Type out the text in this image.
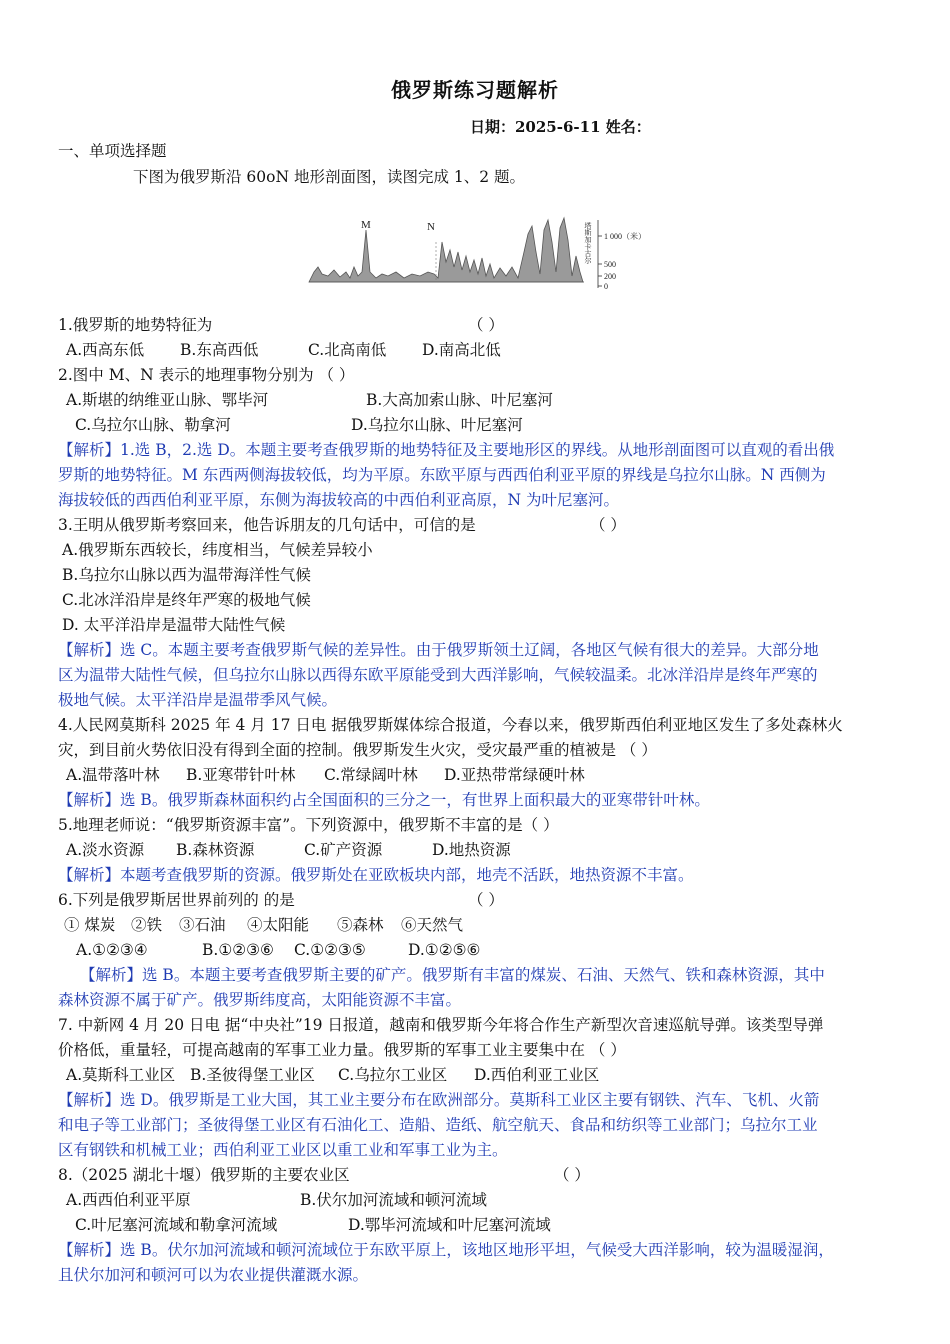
俄罗斯练习题解析
日期：2025-6-11 姓名：
一、单项选择题
下图为俄罗斯沿 60oN 地形剖面图，读图完成 1、2 题。
M	N
1 000（米）
500
200
0
塔斯加卡古尔
1.俄罗斯的地势特征为	（ ）
A.西高东低 B.东高西低	C.北高南低 D.南高北低
2.图中 M、N 表示的地理事物分别为 （ ）
A.斯堪的纳维亚山脉、鄂毕河	B.大高加索山脉、叶尼塞河
C.乌拉尔山脉、勒拿河	D.乌拉尔山脉、叶尼塞河
【解析】1.选 B，2.选 D。本题主要考查俄罗斯的地势特征及主要地形区的界线。从地形剖面图可以直观的看出俄
罗斯的地势特征。M 东西两侧海拔较低，均为平原。东欧平原与西西伯利亚平原的界线是乌拉尔山脉。N 西侧为
海拔较低的西西伯利亚平原，东侧为海拔较高的中西伯利亚高原，N 为叶尼塞河。
3.王明从俄罗斯考察回来，他告诉朋友的几句话中，可信的是	（ ）
A.俄罗斯东西较长，纬度相当，气候差异较小
B.乌拉尔山脉以西为温带海洋性气候
C.北冰洋沿岸是终年严寒的极地气候
D. 太平洋沿岸是温带大陆性气候
【解析】选 C。本题主要考查俄罗斯气候的差异性。由于俄罗斯领土辽阔，各地区气候有很大的差异。大部分地
区为温带大陆性气候，但乌拉尔山脉以西得东欧平原能受到大西洋影响，气候较温柔。北冰洋沿岸是终年严寒的
极地气候。太平洋沿岸是温带季风气候。
4.人民网莫斯科 2025 年 4 月 17 日电 据俄罗斯媒体综合报道，今春以来，俄罗斯西伯利亚地区发生了多处森林火
灾，到目前火势依旧没有得到全面的控制。俄罗斯发生火灾，受灾最严重的植被是 （ ）
A.温带落叶林 B.亚寒带针叶林 C.常绿阔叶林 D.亚热带常绿硬叶林
【解析】选 B。俄罗斯森林面积约占全国面积的三分之一，有世界上面积最大的亚寒带针叶林。
5.地理老师说：“俄罗斯资源丰富”。下列资源中，俄罗斯不丰富的是（ ）
A.淡水资源 B.森林资源	C.矿产资源	D.地热资源
【解析】本题考查俄罗斯的资源。俄罗斯处在亚欧板块内部，地壳不活跃，地热资源不丰富。
6.下列是俄罗斯居世界前列的 的是	（ ）
① 煤炭 ②铁 ③石油 ④太阳能 ⑤森林 ⑥天然气
A.①②③④	B.①②③⑥ C.①②③⑤	D.①②⑤⑥
【解析】选 B。本题主要考查俄罗斯主要的矿产。俄罗斯有丰富的煤炭、石油、天然气、铁和森林资源，其中
森林资源不属于矿产。俄罗斯纬度高，太阳能资源不丰富。
7. 中新网 4 月 20 日电 据“中央社”19 日报道，越南和俄罗斯今年将合作生产新型次音速巡航导弹。该类型导弹
价格低，重量轻，可提高越南的军事工业力量。俄罗斯的军事工业主要集中在 （ ）
A.莫斯科工业区 B.圣彼得堡工业区 C.乌拉尔工业区 D.西伯利亚工业区
【解析】选 D。俄罗斯是工业大国，其工业主要分布在欧洲部分。莫斯科工业区主要有钢铁、汽车、飞机、火箭
和电子等工业部门；圣彼得堡工业区有石油化工、造船、造纸、航空航天、食品和纺织等工业部门；乌拉尔工业
区有钢铁和机械工业；西伯利亚工业区以重工业和军事工业为主。
8.（2025 湖北十堰）俄罗斯的主要农业区	（ ）
A.西西伯利亚平原	B.伏尔加河流域和顿河流域
C.叶尼塞河流域和勒拿河流域	D.鄂毕河流域和叶尼塞河流域
【解析】选 B。伏尔加河流域和顿河流域位于东欧平原上，该地区地形平坦，气候受大西洋影响，较为温暖湿润，
且伏尔加河和顿河可以为农业提供灌溉水源。
